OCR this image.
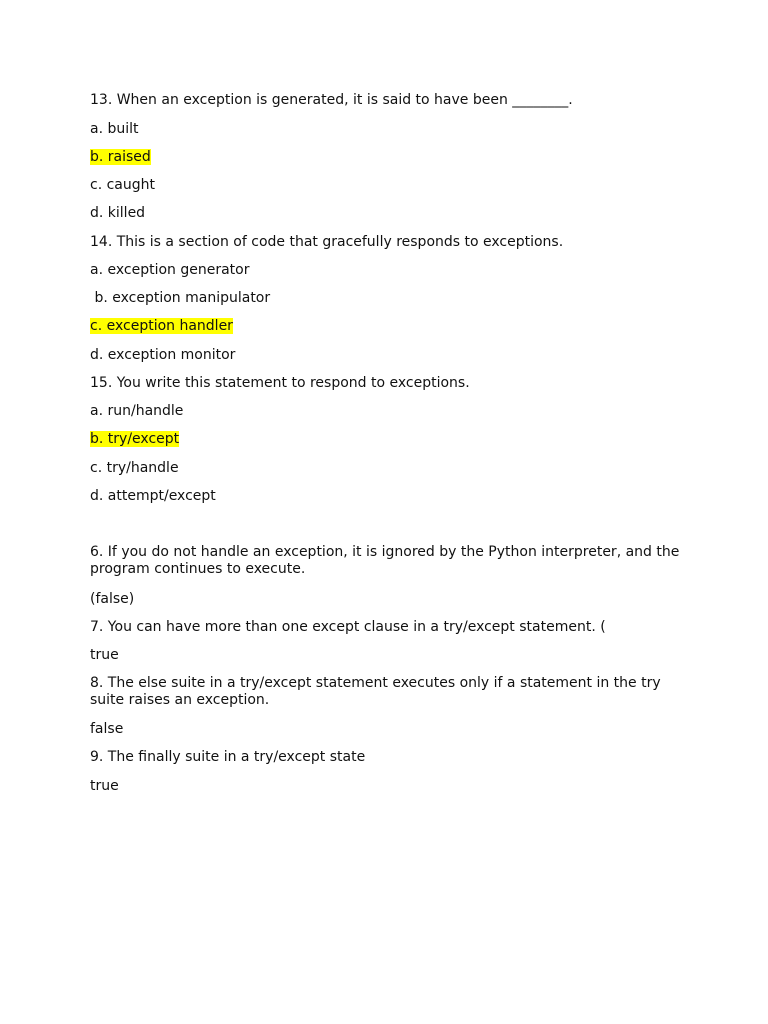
13. When an exception is generated, it is said to have been ________.
a. built
b. raised
c. caught
d. killed
14. This is a section of code that gracefully responds to exceptions.
a. exception generator
b. exception manipulator
c. exception handler
d. exception monitor
15. You write this statement to respond to exceptions.
a. run/handle
b. try/except
c. try/handle
d. attempt/except
6. If you do not handle an exception, it is ignored by the Python interpreter, and the program continues to execute.
(false)
7. You can have more than one except clause in a try/except statement. (
true
8. The else suite in a try/except statement executes only if a statement in the try suite raises an exception.
false
9. The finally suite in a try/except state
true
